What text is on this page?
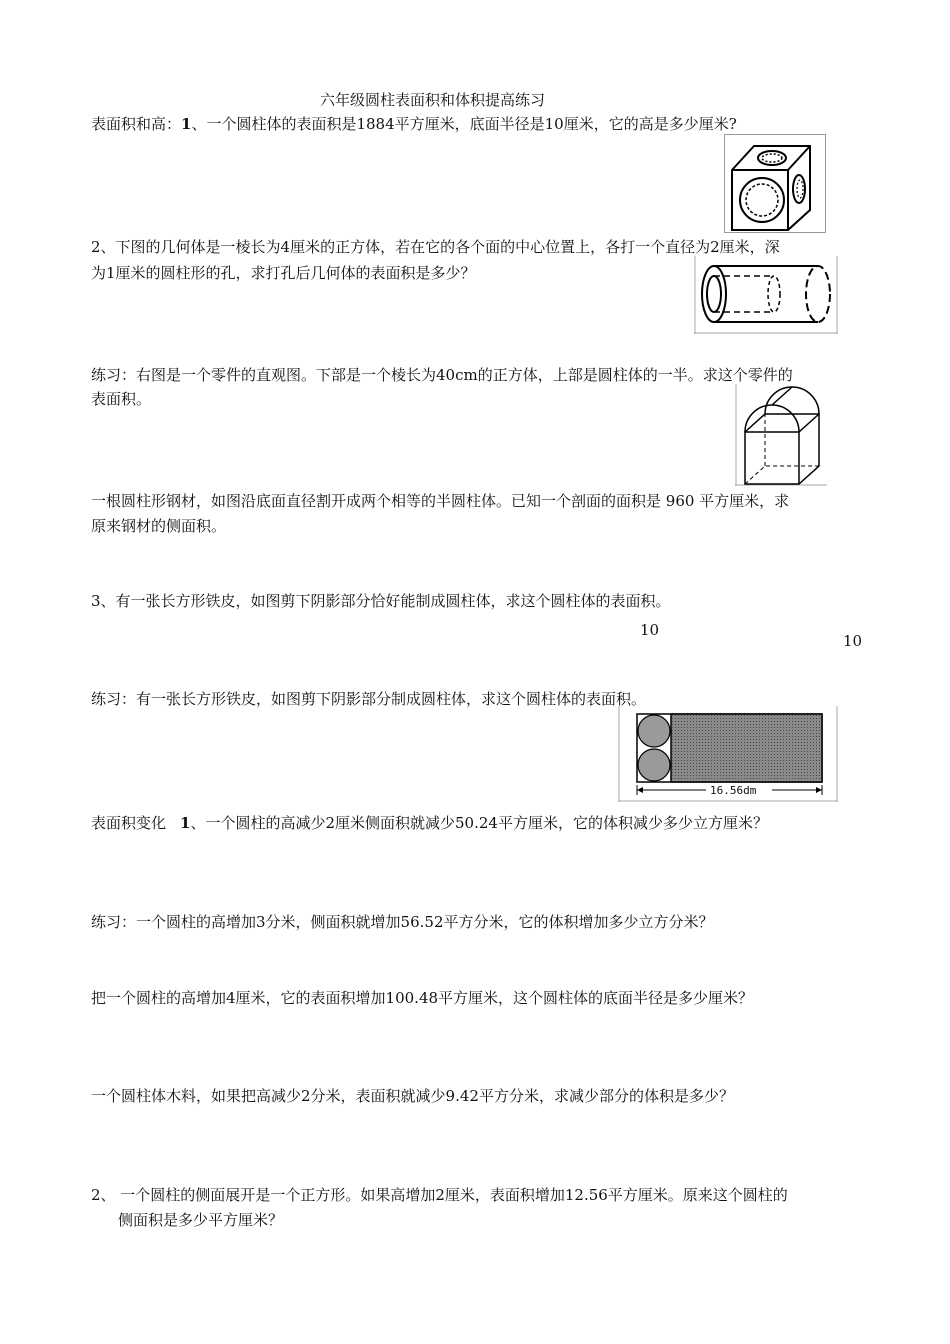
六年级圆柱表面积和体积提高练习
表面积和高：1、一个圆柱体的表面积是1884平方厘米，底面半径是10厘米，它的高是多少厘米?
2、下图的几何体是一棱长为4厘米的正方体，若在它的各个面的中心位置上，各打一个直径为2厘米，深
为1厘米的圆柱形的孔，求打孔后几何体的表面积是多少？
练习：右图是一个零件的直观图。下部是一个棱长为40cm的正方体，上部是圆柱体的一半。求这个零件的
表面积。
一根圆柱形钢材，如图沿底面直径割开成两个相等的半圆柱体。已知一个剖面的面积是 960 平方厘米，求
原来钢材的侧面积。
3、有一张长方形铁皮，如图剪下阴影部分恰好能制成圆柱体，求这个圆柱体的表面积。
10
10
练习：有一张长方形铁皮，如图剪下阴影部分制成圆柱体，求这个圆柱体的表面积。
16.56dm
表面积变化 1、一个圆柱的高减少2厘米侧面积就减少50.24平方厘米，它的体积减少多少立方厘米？
练习：一个圆柱的高增加3分米，侧面积就增加56.52平方分米，它的体积增加多少立方分米？
把一个圆柱的高增加4厘米，它的表面积增加100.48平方厘米，这个圆柱体的底面半径是多少厘米？
一个圆柱体木料，如果把高减少2分米，表面积就减少9.42平方分米，求减少部分的体积是多少？
2、 一个圆柱的侧面展开是一个正方形。如果高增加2厘米，表面积增加12.56平方厘米。原来这个圆柱的
侧面积是多少平方厘米？
